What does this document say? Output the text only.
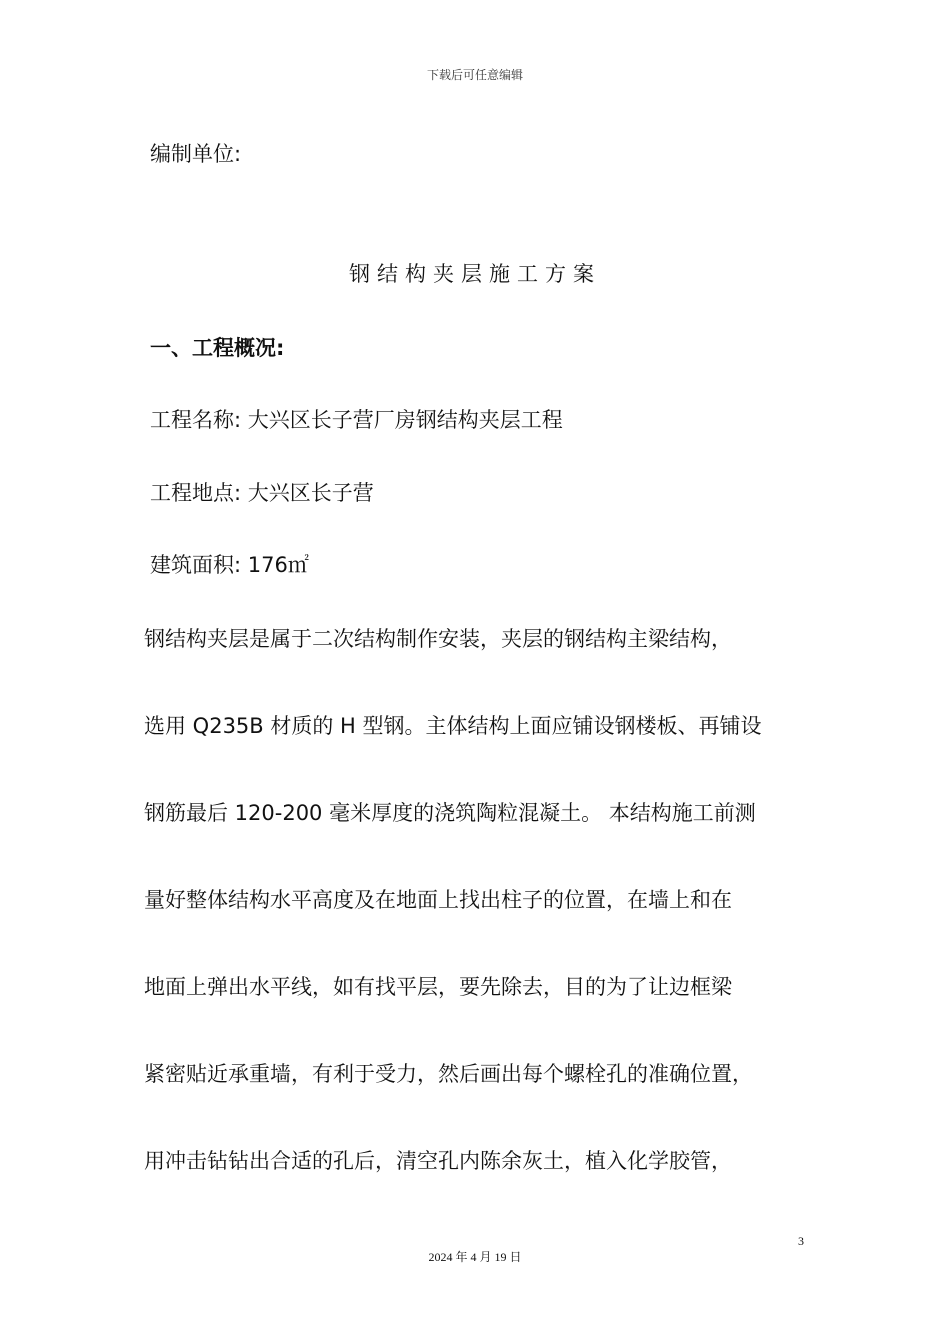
下载后可任意编辑
编制单位:
钢结构夹层施工方案
一、工程概况:
工程名称: 大兴区长子营厂房钢结构夹层工程
工程地点: 大兴区长子营
建筑面积: 176㎡
钢结构夹层是属于二次结构制作安装，夹层的钢结构主梁结构，
选用 Q235B 材质的 H 型钢。主体结构上面应铺设钢楼板、再铺设
钢筋最后 120-200 毫米厚度的浇筑陶粒混凝土。 本结构施工前测
量好整体结构水平高度及在地面上找出柱子的位置，在墙上和在
地面上弹出水平线，如有找平层，要先除去，目的为了让边框梁
紧密贴近承重墙，有利于受力，然后画出每个螺栓孔的准确位置，
用冲击钻钻出合适的孔后，清空孔内陈余灰土，植入化学胶管，
3
2024 年 4 月 19 日
